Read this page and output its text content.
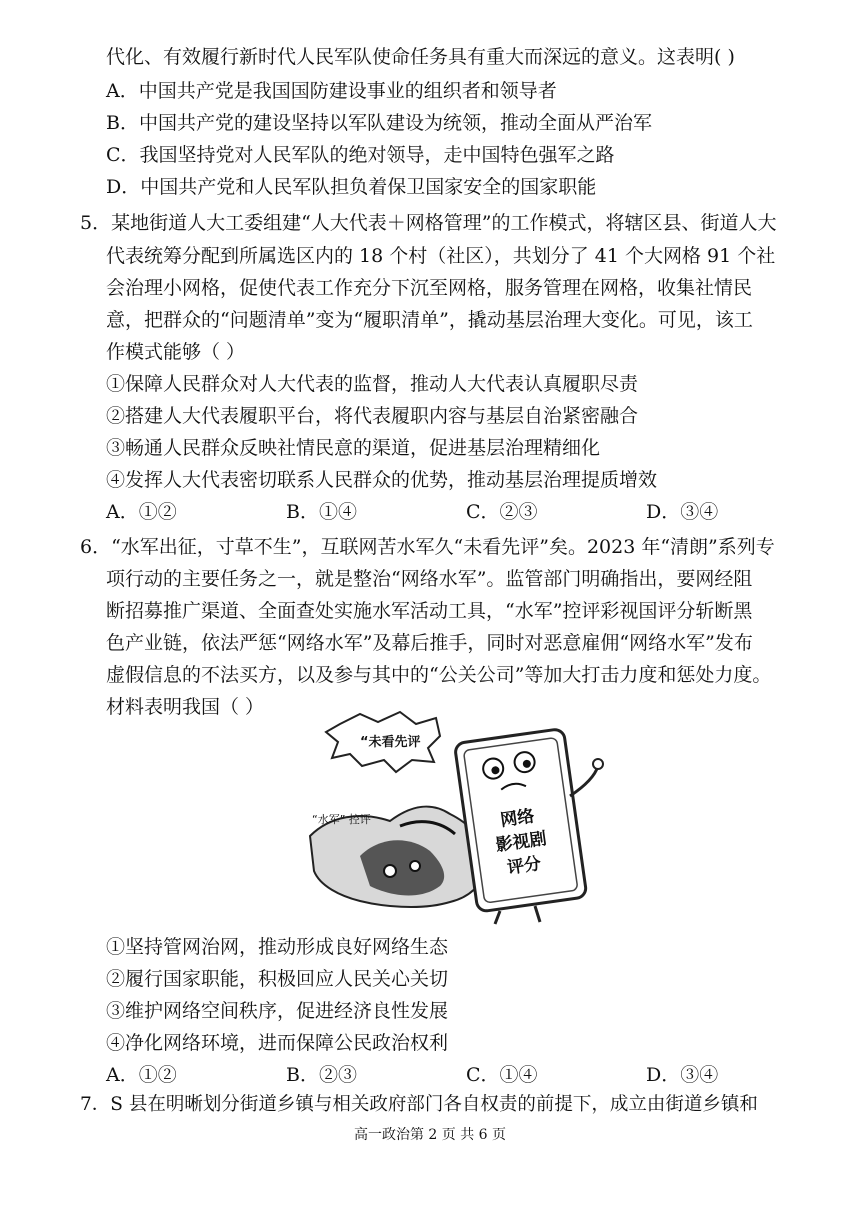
代化、有效履行新时代人民军队使命任务具有重大而深远的意义。这表明( )
A．中国共产党是我国国防建设事业的组织者和领导者
B．中国共产党的建设坚持以军队建设为统领，推动全面从严治军
C．我国坚持党对人民军队的绝对领导，走中国特色强军之路
D．中国共产党和人民军队担负着保卫国家安全的国家职能
5．某地街道人大工委组建“人大代表＋网格管理”的工作模式，将辖区县、街道人大
代表统筹分配到所属选区内的 18 个村（社区），共划分了 41 个大网格 91 个社
会治理小网格，促使代表工作充分下沉至网格，服务管理在网格，收集社情民
意，把群众的“问题清单”变为“履职清单”，撬动基层治理大变化。可见，该工
作模式能够（ ）
①保障人民群众对人大代表的监督，推动人大代表认真履职尽责
②搭建人大代表履职平台，将代表履职内容与基层自治紧密融合
③畅通人民群众反映社情民意的渠道，促进基层治理精细化
④发挥人大代表密切联系人民群众的优势，推动基层治理提质增效
A．①②	B．①④	C．②③	D．③④
6．“水军出征，寸草不生”，互联网苦水军久“未看先评”矣。2023 年“清朗”系列专
项行动的主要任务之一，就是整治“网络水军”。监管部门明确指出，要网经阻
断招募推广渠道、全面查处实施水军活动工具，“水军”控评彩视国评分斩断黑
色产业链，依法严惩“网络水军”及幕后推手，同时对恶意雇佣“网络水军”发布
虚假信息的不法买方，以及参与其中的“公关公司”等加大打击力度和惩处力度。
材料表明我国（ ）
“未看先评
“水军” 控评	网络
影视剧
评分
①坚持管网治网，推动形成良好网络生态
②履行国家职能，积极回应人民关心关切
③维护网络空间秩序，促进经济良性发展
④净化网络环境，进而保障公民政治权利
A．①②	B．②③	C．①④	D．③④
7．S 县在明晰划分街道乡镇与相关政府部门各自权责的前提下，成立由街道乡镇和
高一政治第 2 页 共 6 页
